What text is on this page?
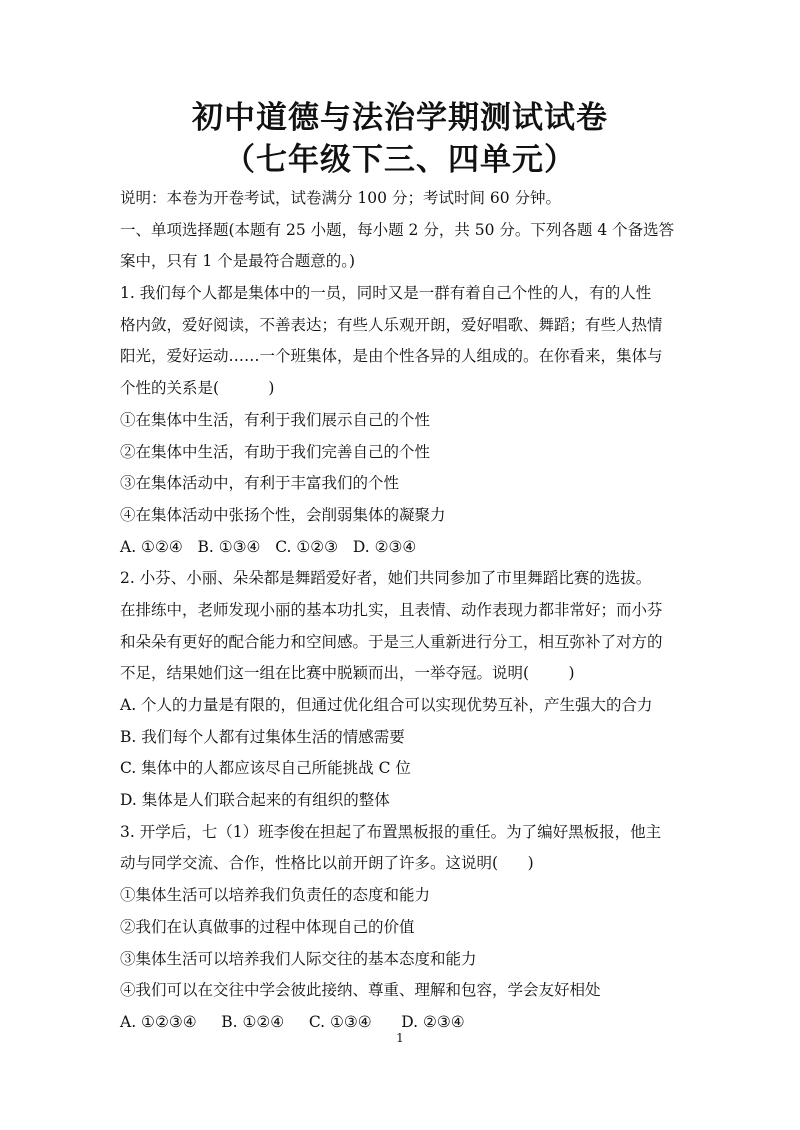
初中道德与法治学期测试试卷
（七年级下三、四单元）

说明：本卷为开卷考试，试卷满分 100 分；考试时间 60 分钟。

一、单项选择题(本题有 25 小题，每小题 2 分，共 50 分。下列各题 4 个备选答

案中，只有 1 个是最符合题意的。)

1. 我们每个人都是集体中的一员，同时又是一群有着自己个性的人，有的人性

格内敛，爱好阅读，不善表达；有些人乐观开朗，爱好唱歌、舞蹈；有些人热情

阳光，爱好运动……一个班集体，是由个性各异的人组成的。在你看来，集体与

个性的关系是(          )

①在集体中生活，有利于我们展示自己的个性

②在集体中生活，有助于我们完善自己的个性

③在集体活动中，有利于丰富我们的个性

④在集体活动中张扬个性，会削弱集体的凝聚力

A. ①②④   B. ①③④   C. ①②③   D. ②③④

2. 小芬、小丽、朵朵都是舞蹈爱好者，她们共同参加了市里舞蹈比赛的选拔。

在排练中，老师发现小丽的基本功扎实，且表情、动作表现力都非常好；而小芬

和朵朵有更好的配合能力和空间感。于是三人重新进行分工，相互弥补了对方的

不足，结果她们这一组在比赛中脱颖而出，一举夺冠。说明(        )

A. 个人的力量是有限的，但通过优化组合可以实现优势互补，产生强大的合力

B. 我们每个人都有过集体生活的情感需要

C. 集体中的人都应该尽自己所能挑战 C 位

D. 集体是人们联合起来的有组织的整体

3. 开学后，七（1）班李俊在担起了布置黑板报的重任。为了编好黑板报，他主

动与同学交流、合作，性格比以前开朗了许多。这说明(      )

①集体生活可以培养我们负责任的态度和能力

②我们在认真做事的过程中体现自己的价值

③集体生活可以培养我们人际交往的基本态度和能力

④我们可以在交往中学会彼此接纳、尊重、理解和包容，学会友好相处

A. ①②③④     B. ①②④     C. ①③④      D. ②③④

1
